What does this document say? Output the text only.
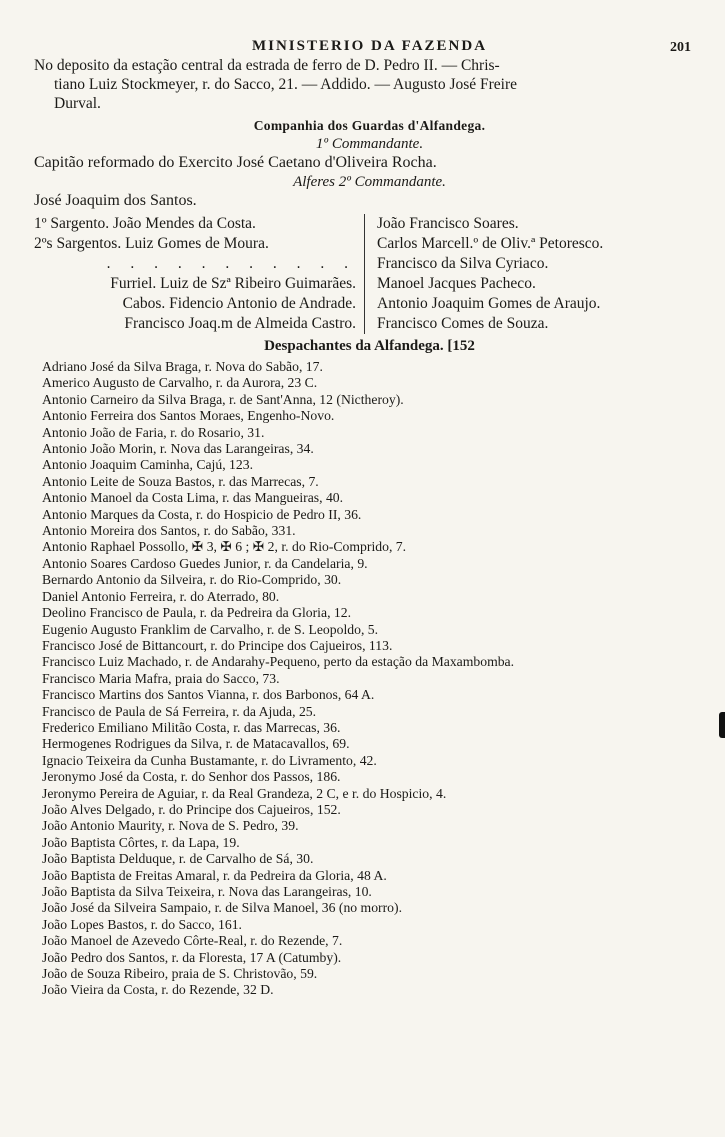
MINISTERIO DA FAZENDA	201
No deposito da estação central da estrada de ferro de D. Pedro II. — Chris-
tiano Luiz Stockmeyer, r. do Sacco, 21. — Addido. — Augusto José Freire
Durval.
Companhia dos Guardas d'Alfandega.
1º Commandante.
Capitão reformado do Exercito José Caetano d'Oliveira Rocha.
Alferes 2º Commandante.
José Joaquim dos Santos.
1º Sargento. João Mendes da Costa.
2ºs Sargentos. Luiz Gomes de Moura.
. . . . . . . . . . .
Furriel. Luiz de Szª Ribeiro Guimarães.
Cabos. Fidencio Antonio de Andrade.
Francisco Joaq.m de Almeida Castro.
João Francisco Soares.
Carlos Marcell.º de Oliv.ª Petoresco.
Francisco da Silva Cyriaco.
Manoel Jacques Pacheco.
Antonio Joaquim Gomes de Araujo.
Francisco Comes de Souza.
Despachantes da Alfandega. [152
Adriano José da Silva Braga, r. Nova do Sabão, 17.
Americo Augusto de Carvalho, r. da Aurora, 23 C.
Antonio Carneiro da Silva Braga, r. de Sant'Anna, 12 (Nictheroy).
Antonio Ferreira dos Santos Moraes, Engenho-Novo.
Antonio João de Faria, r. do Rosario, 31.
Antonio João Morin, r. Nova das Larangeiras, 34.
Antonio Joaquim Caminha, Cajú, 123.
Antonio Leite de Souza Bastos, r. das Marrecas, 7.
Antonio Manoel da Costa Lima, r. das Mangueiras, 40.
Antonio Marques da Costa, r. do Hospicio de Pedro II, 36.
Antonio Moreira dos Santos, r. do Sabão, 331.
Antonio Raphael Possollo, ✠ 3, ✠ 6 ; ✠ 2, r. do Rio-Comprido, 7.
Antonio Soares Cardoso Guedes Junior, r. da Candelaria, 9.
Bernardo Antonio da Silveira, r. do Rio-Comprido, 30.
Daniel Antonio Ferreira, r. do Aterrado, 80.
Deolino Francisco de Paula, r. da Pedreira da Gloria, 12.
Eugenio Augusto Franklim de Carvalho, r. de S. Leopoldo, 5.
Francisco José de Bittancourt, r. do Principe dos Cajueiros, 113.
Francisco Luiz Machado, r. de Andarahy-Pequeno, perto da estação da Maxambomba.
Francisco Maria Mafra, praia do Sacco, 73.
Francisco Martins dos Santos Vianna, r. dos Barbonos, 64 A.
Francisco de Paula de Sá Ferreira, r. da Ajuda, 25.
Frederico Emiliano Militão Costa, r. das Marrecas, 36.
Hermogenes Rodrigues da Silva, r. de Matacavallos, 69.
Ignacio Teixeira da Cunha Bustamante, r. do Livramento, 42.
Jeronymo José da Costa, r. do Senhor dos Passos, 186.
Jeronymo Pereira de Aguiar, r. da Real Grandeza, 2 C, e r. do Hospicio, 4.
João Alves Delgado, r. do Principe dos Cajueiros, 152.
João Antonio Maurity, r. Nova de S. Pedro, 39.
João Baptista Côrtes, r. da Lapa, 19.
João Baptista Delduque, r. de Carvalho de Sá, 30.
João Baptista de Freitas Amaral, r. da Pedreira da Gloria, 48 A.
João Baptista da Silva Teixeira, r. Nova das Larangeiras, 10.
João José da Silveira Sampaio, r. de Silva Manoel, 36 (no morro).
João Lopes Bastos, r. do Sacco, 161.
João Manoel de Azevedo Côrte-Real, r. do Rezende, 7.
João Pedro dos Santos, r. da Floresta, 17 A (Catumby).
João de Souza Ribeiro, praia de S. Christovão, 59.
João Vieira da Costa, r. do Rezende, 32 D.
